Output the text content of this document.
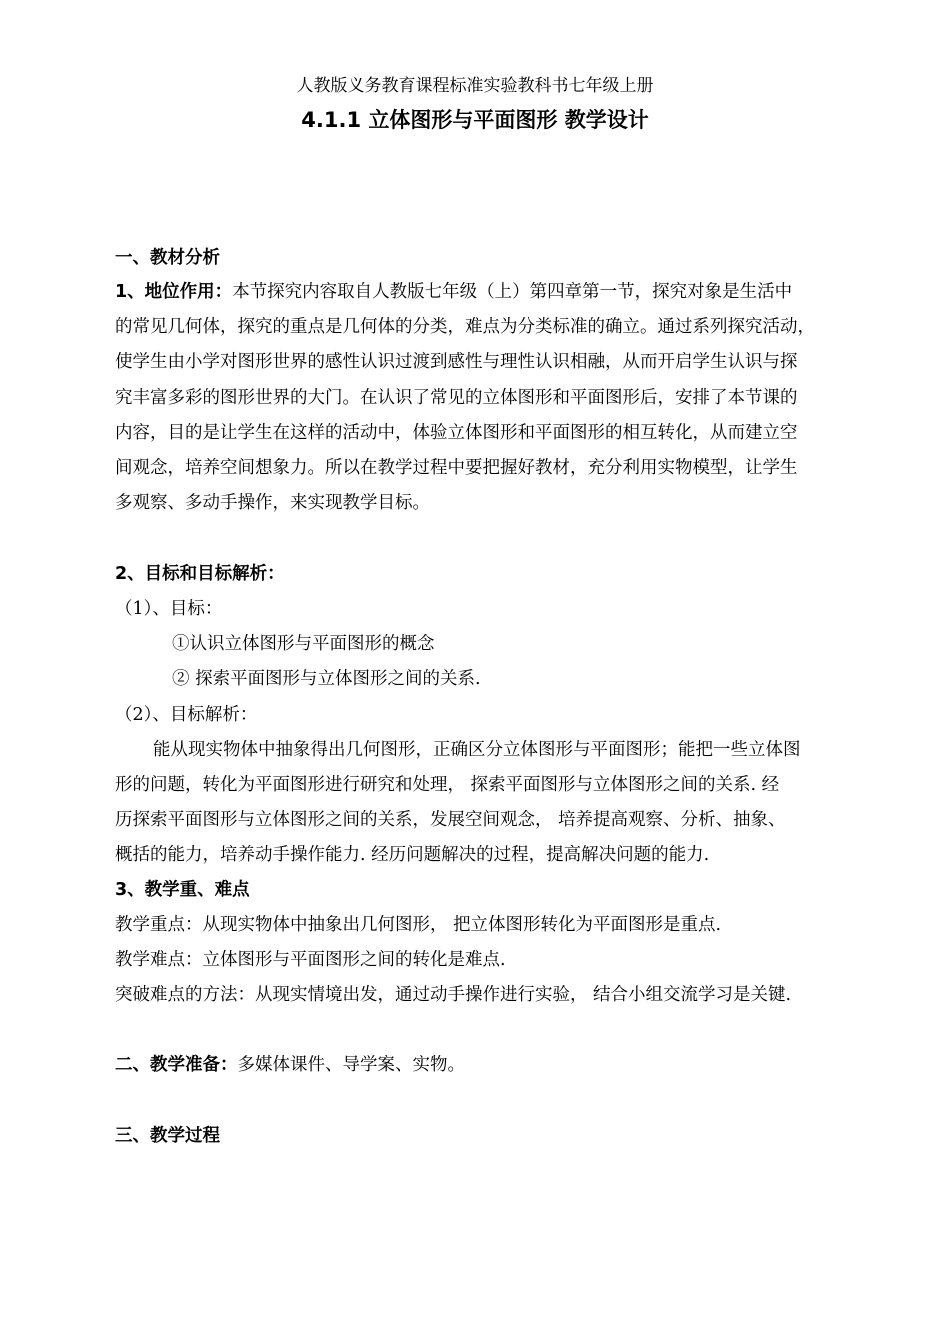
人教版义务教育课程标准实验教科书七年级上册
4.1.1 立体图形与平面图形 教学设计
一、教材分析
1、地位作用：本节探究内容取自人教版七年级（上）第四章第一节，探究对象是生活中
的常见几何体，探究的重点是几何体的分类，难点为分类标准的确立。通过系列探究活动，
使学生由小学对图形世界的感性认识过渡到感性与理性认识相融，从而开启学生认识与探
究丰富多彩的图形世界的大门。在认识了常见的立体图形和平面图形后，安排了本节课的
内容，目的是让学生在这样的活动中，体验立体图形和平面图形的相互转化，从而建立空
间观念，培养空间想象力。所以在教学过程中要把握好教材，充分利用实物模型，让学生
多观察、多动手操作，来实现教学目标。
2、目标和目标解析：
（1）、目标：
①认识立体图形与平面图形的概念
② 探索平面图形与立体图形之间的关系.
（2）、目标解析：
能从现实物体中抽象得出几何图形，正确区分立体图形与平面图形；能把一些立体图
形的问题，转化为平面图形进行研究和处理， 探索平面图形与立体图形之间的关系. 经
历探索平面图形与立体图形之间的关系，发展空间观念， 培养提高观察、分析、抽象、
概括的能力，培养动手操作能力. 经历问题解决的过程，提高解决问题的能力.
3、教学重、难点
教学重点：从现实物体中抽象出几何图形， 把立体图形转化为平面图形是重点.
教学难点：立体图形与平面图形之间的转化是难点.
突破难点的方法：从现实情境出发，通过动手操作进行实验， 结合小组交流学习是关键.
二、教学准备：多媒体课件、导学案、实物。
三、教学过程
